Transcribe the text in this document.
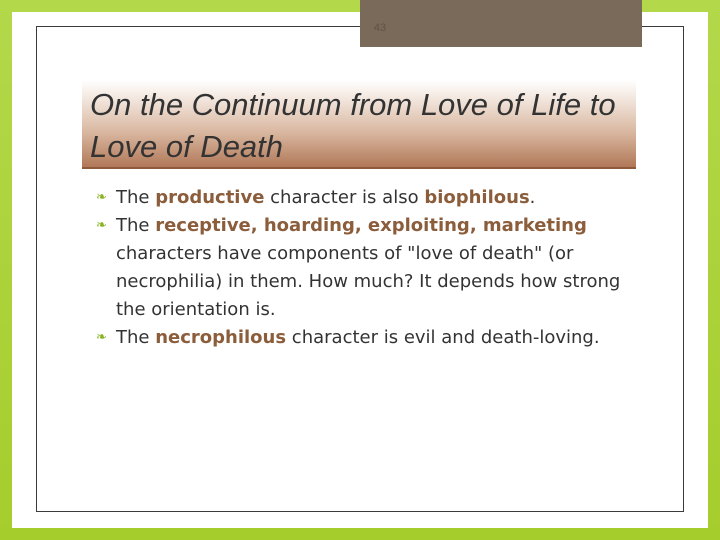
43
On the Continuum from Love of Life to Love of Death
❧ The productive character is also biophilous.
❧ The receptive, hoarding, exploiting, marketing characters have components of "love of death" (or necrophilia) in them. How much? It depends how strong the orientation is.
❧ The necrophilous character is evil and death-loving.
